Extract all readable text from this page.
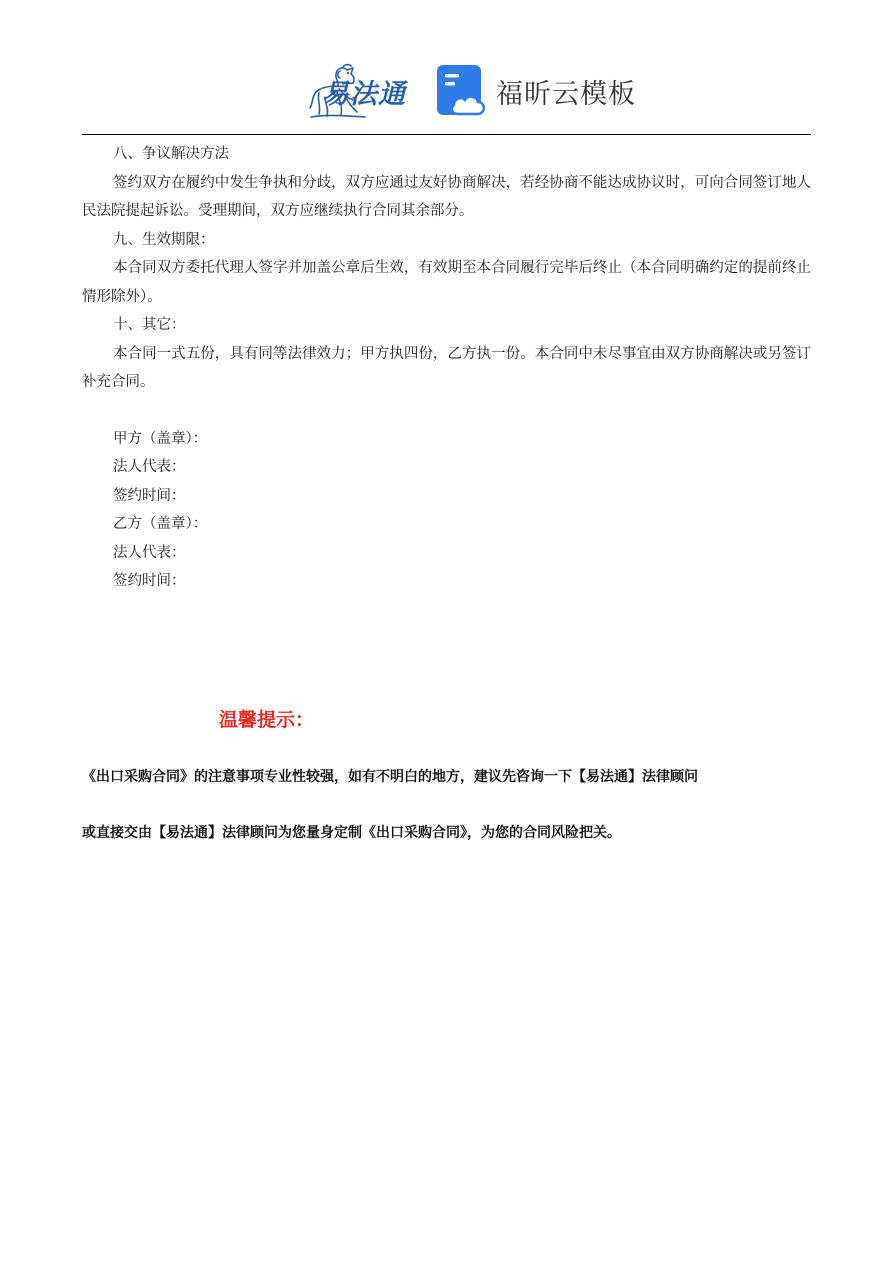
易法通	福昕云模板

八、争议解决方法

签约双方在履约中发生争执和分歧，双方应通过友好协商解决，若经协商不能达成协议时，可向合同签订地人民法院提起诉讼。受理期间，双方应继续执行合同其余部分。

九、生效期限：

本合同双方委托代理人签字并加盖公章后生效，有效期至本合同履行完毕后终止（本合同明确约定的提前终止情形除外）。

十、其它：

本合同一式五份，具有同等法律效力；甲方执四份，乙方执一份。本合同中未尽事宜由双方协商解决或另签订补充合同。

甲方（盖章）：

法人代表：

签约时间：

乙方（盖章）：

法人代表：

签约时间：

温馨提示：
《出口采购合同》的注意事项专业性较强，如有不明白的地方，建议先咨询一下【易法通】法律顾问
或直接交由【易法通】法律顾问为您量身定制《出口采购合同》，为您的合同风险把关。
